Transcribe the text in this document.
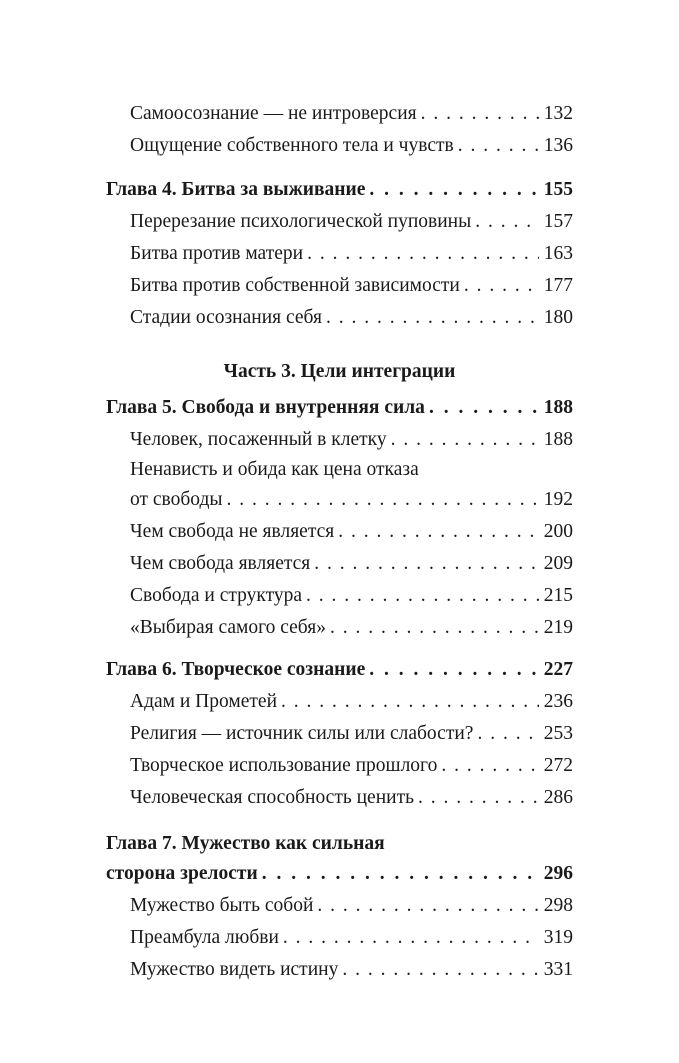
Самоосознание — не интроверсия . . .	132
Ощущение собственного тела и чувств . . .	136
Глава 4. Битва за выживание . . .	155
Перерезание психологической пуповины . . .	157
Битва против матери . . .	163
Битва против собственной зависимости . . .	177
Стадии осознания себя . . .	180
Часть 3. Цели интеграции
Глава 5. Свобода и внутренняя сила . . .	188
Человек, посаженный в клетку . . .	188
Ненависть и обида как цена отказа
от свободы . . .	192
Чем свобода не является . . .	200
Чем свобода является . . .	209
Свобода и структура . . .	215
«Выбирая самого себя» . . .	219
Глава 6. Творческое сознание . . .	227
Адам и Прометей . . .	236
Религия — источник силы или слабости? . . .	253
Творческое использование прошлого . . .	272
Человеческая способность ценить . . .	286
Глава 7. Мужество как сильная
сторона зрелости . . .	296
Мужество быть собой . . .	298
Преамбула любви . . .	319
Мужество видеть истину . . .	331
